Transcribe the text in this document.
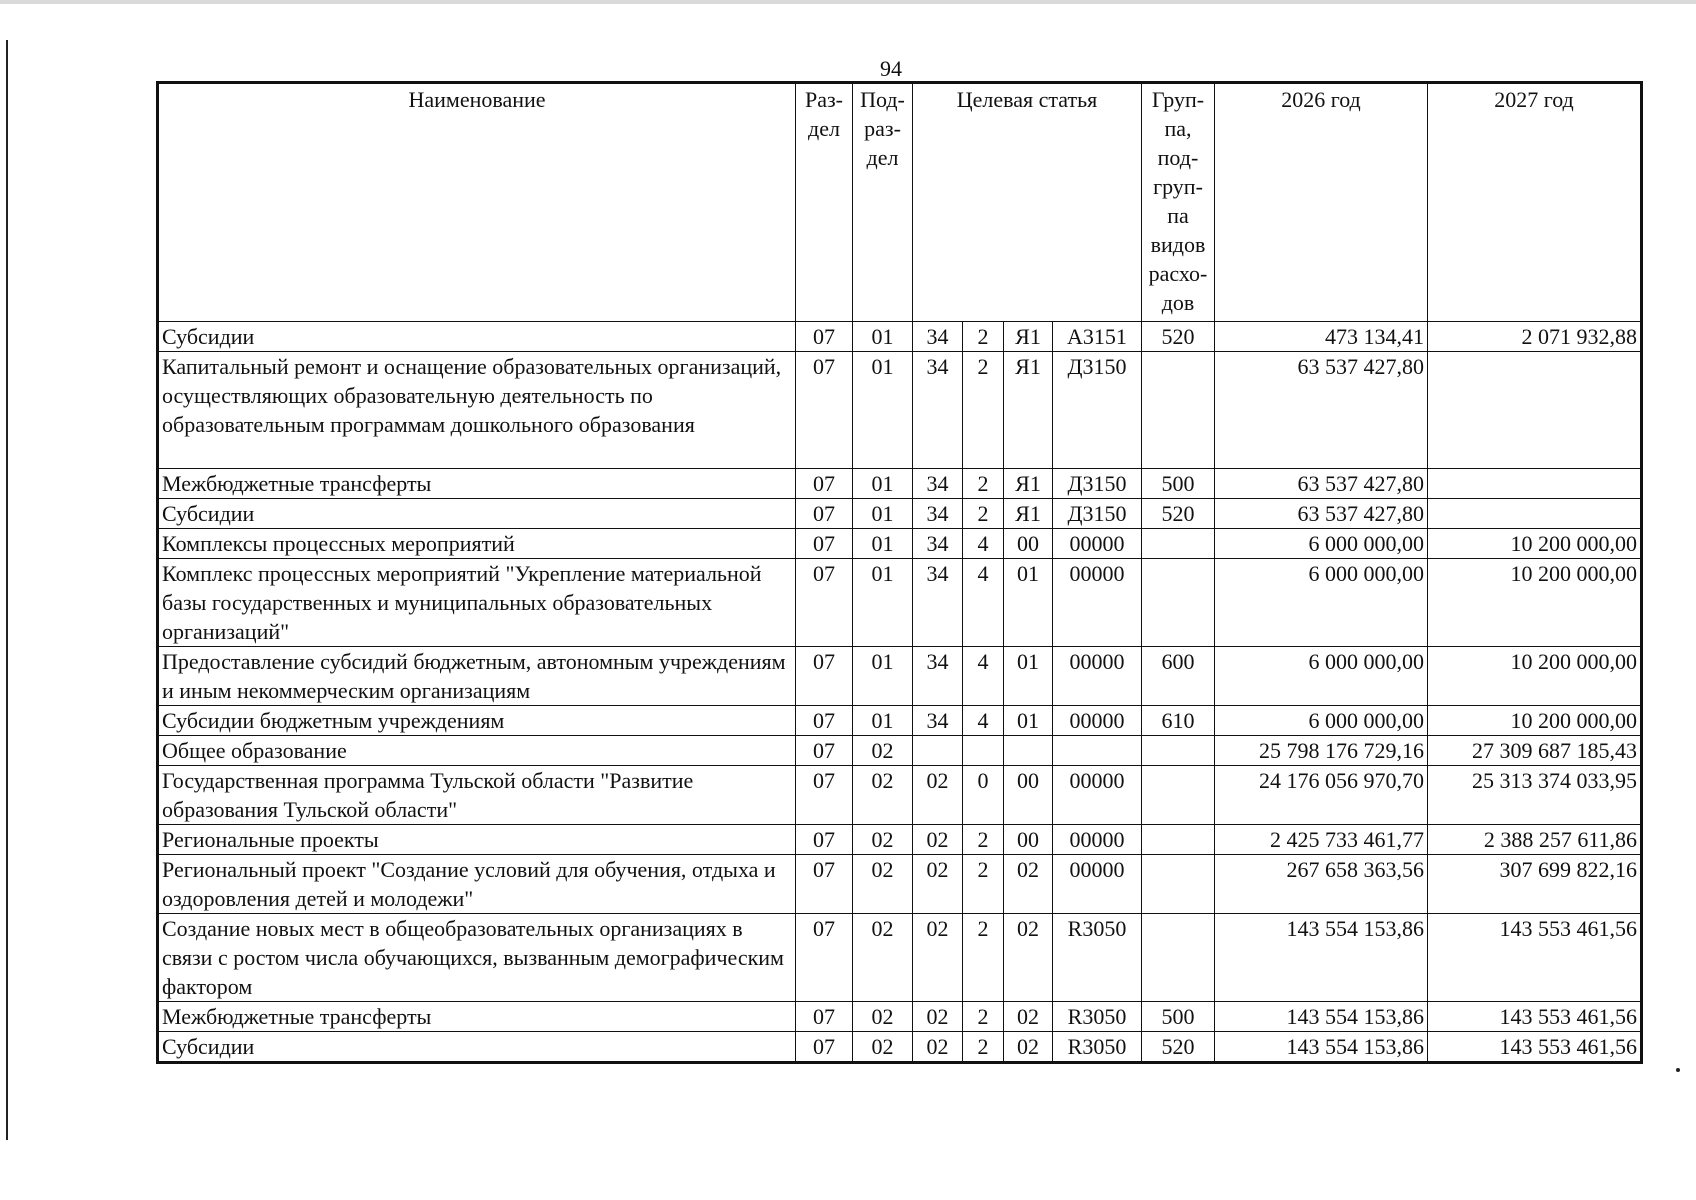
94
Наименование	Раз-дел	Под-раз-дел	Целевая статья				Груп-па, под-груп-па видов расхо-дов	2026 год	2027 год
Субсидии	07	01	34	2	Я1	А3151	520	473 134,41	2 071 932,88
Капитальный ремонт и оснащение образовательных организаций, осуществляющих образовательную деятельность по образовательным программам дошкольного образования	07	01	34	2	Я1	Д3150		63 537 427,80	
Межбюджетные трансферты	07	01	34	2	Я1	Д3150	500	63 537 427,80	
Субсидии	07	01	34	2	Я1	Д3150	520	63 537 427,80	
Комплексы процессных мероприятий	07	01	34	4	00	00000		6 000 000,00	10 200 000,00
Комплекс процессных мероприятий "Укрепление материальной базы государственных и муниципальных образовательных организаций"	07	01	34	4	01	00000		6 000 000,00	10 200 000,00
Предоставление субсидий бюджетным, автономным учреждениям и иным некоммерческим организациям	07	01	34	4	01	00000	600	6 000 000,00	10 200 000,00
Субсидии бюджетным учреждениям	07	01	34	4	01	00000	610	6 000 000,00	10 200 000,00
Общее образование	07	02						25 798 176 729,16	27 309 687 185,43
Государственная программа Тульской области "Развитие образования Тульской области"	07	02	02	0	00	00000		24 176 056 970,70	25 313 374 033,95
Региональные проекты	07	02	02	2	00	00000		2 425 733 461,77	2 388 257 611,86
Региональный проект "Создание условий для обучения, отдыха и оздоровления детей и молодежи"	07	02	02	2	02	00000		267 658 363,56	307 699 822,16
Создание новых мест в общеобразовательных организациях в связи с ростом числа обучающихся, вызванным демографическим фактором	07	02	02	2	02	R3050		143 554 153,86	143 553 461,56
Межбюджетные трансферты	07	02	02	2	02	R3050	500	143 554 153,86	143 553 461,56
Субсидии	07	02	02	2	02	R3050	520	143 554 153,86	143 553 461,56
